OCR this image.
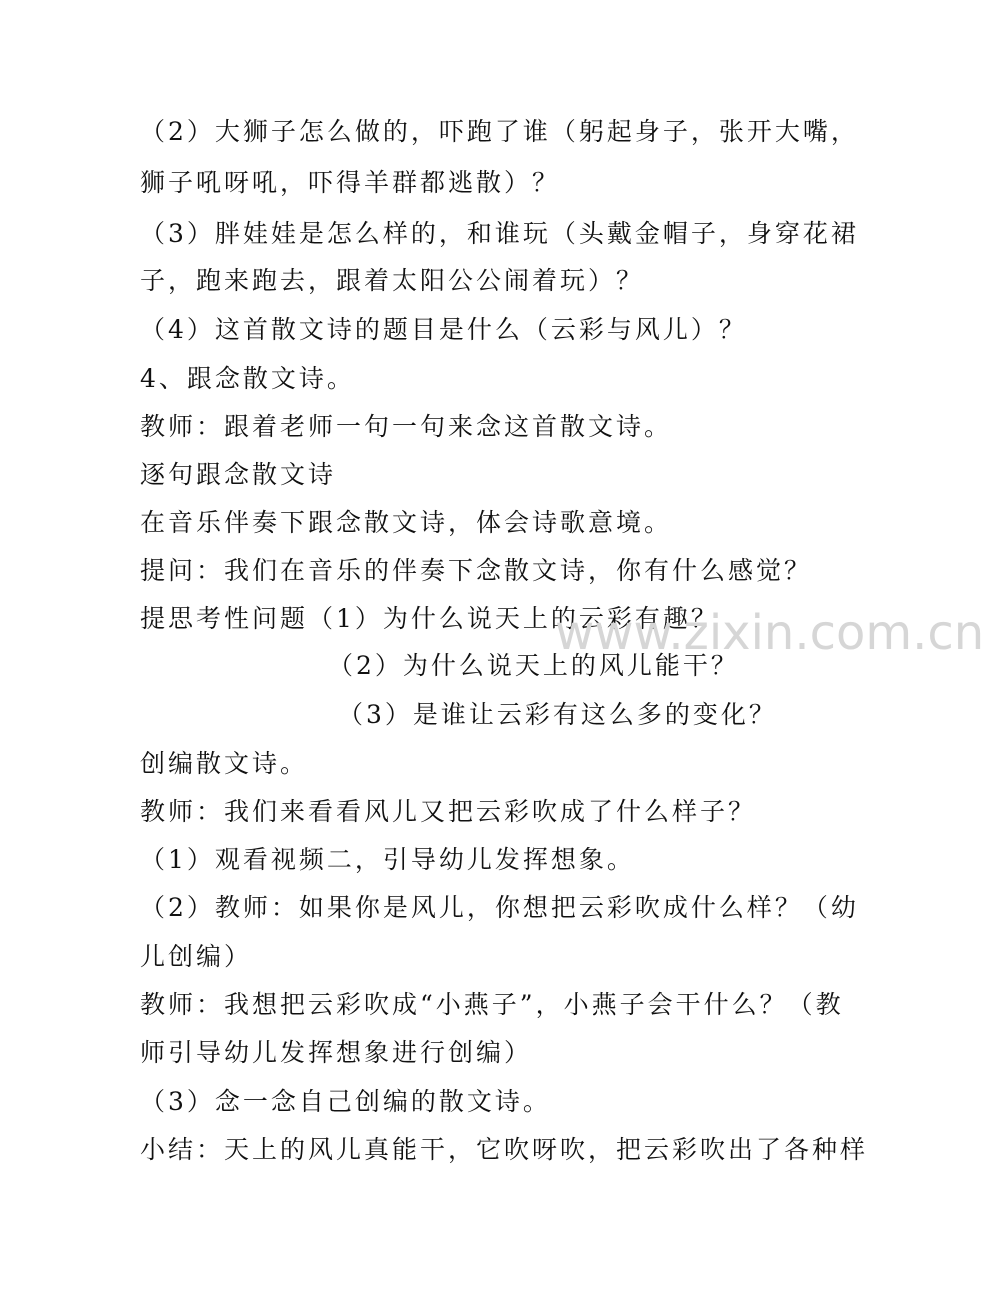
（2）大狮子怎么做的，吓跑了谁（躬起身子，张开大嘴，
狮子吼呀吼，吓得羊群都逃散）？
（3）胖娃娃是怎么样的，和谁玩（头戴金帽子，身穿花裙
子，跑来跑去，跟着太阳公公闹着玩）？
（4）这首散文诗的题目是什么（云彩与风儿）？
4、跟念散文诗。
教师：跟着老师一句一句来念这首散文诗。
逐句跟念散文诗
在音乐伴奏下跟念散文诗，体会诗歌意境。
提问：我们在音乐的伴奏下念散文诗，你有什么感觉？
提思考性问题（1）为什么说天上的云彩有趣？
（2）为什么说天上的风儿能干？
（3）是谁让云彩有这么多的变化？
创编散文诗。
教师：我们来看看风儿又把云彩吹成了什么样子？
（1）观看视频二，引导幼儿发挥想象。
（2）教师：如果你是风儿，你想把云彩吹成什么样？（幼
儿创编）
教师：我想把云彩吹成“小燕子”，小燕子会干什么？（教
师引导幼儿发挥想象进行创编）
（3）念一念自己创编的散文诗。
小结：天上的风儿真能干，它吹呀吹，把云彩吹出了各种样
www.zixin.com.cn
